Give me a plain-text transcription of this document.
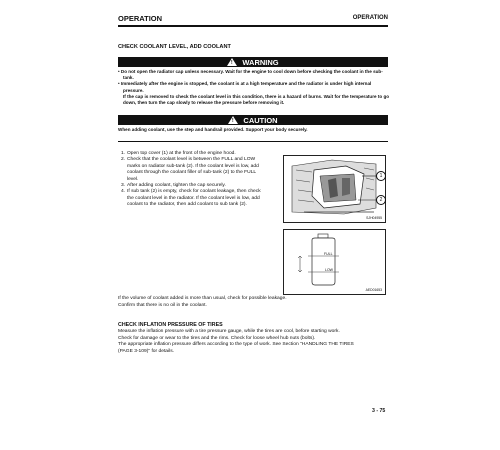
OPERATION	OPERATION
CHECK COOLANT LEVEL, ADD COOLANT
! WARNING
• Do not open the radiator cap unless necessary. Wait for the engine to cool down before checking the coolant in the sub-tank.
• Immediately after the engine is stopped, the coolant is at a high temperature and the radiator is under high internal pressure.
If the cap is removed to check the coolant level in this condition, there is a hazard of burns. Wait for the temperature to go
down, then turn the cap slowly to release the pressure before removing it.
! CAUTION
When adding coolant, use the step and handrail provided. Support your body securely.
1. Open top cover (1) at the front of the engine hood.
2. Check that the coolant level is between the FULL and LOW
marks on radiator sub-tank (2). If the coolant level is low, add
coolant through the coolant filler of sub-tank (2) to the FULL
level.
3. After adding coolant, tighten the cap securely.
4. If sub tank (2) is empty, check for coolant leakage, then check
the coolant level in the radiator. If the coolant level is low, add
coolant to the radiator, then add coolant to sub tank (2).
1
2
SJH04955
FULL
LOW
AED01653
If the volume of coolant added is more than usual, check for possible leakage.
Confirm that there is no oil in the coolant.
CHECK INFLATION PRESSURE OF TIRES
Measure the inflation pressure with a tire pressure gauge, while the tires are cool, before starting work.
Check for damage or wear to the tires and the rims. Check for loose wheel hub nuts (bolts).
The appropriate inflation pressure differs according to the type of work. See Section "HANDLING THE TIRES
(PAGE 3-109)" for details.
3 - 75
